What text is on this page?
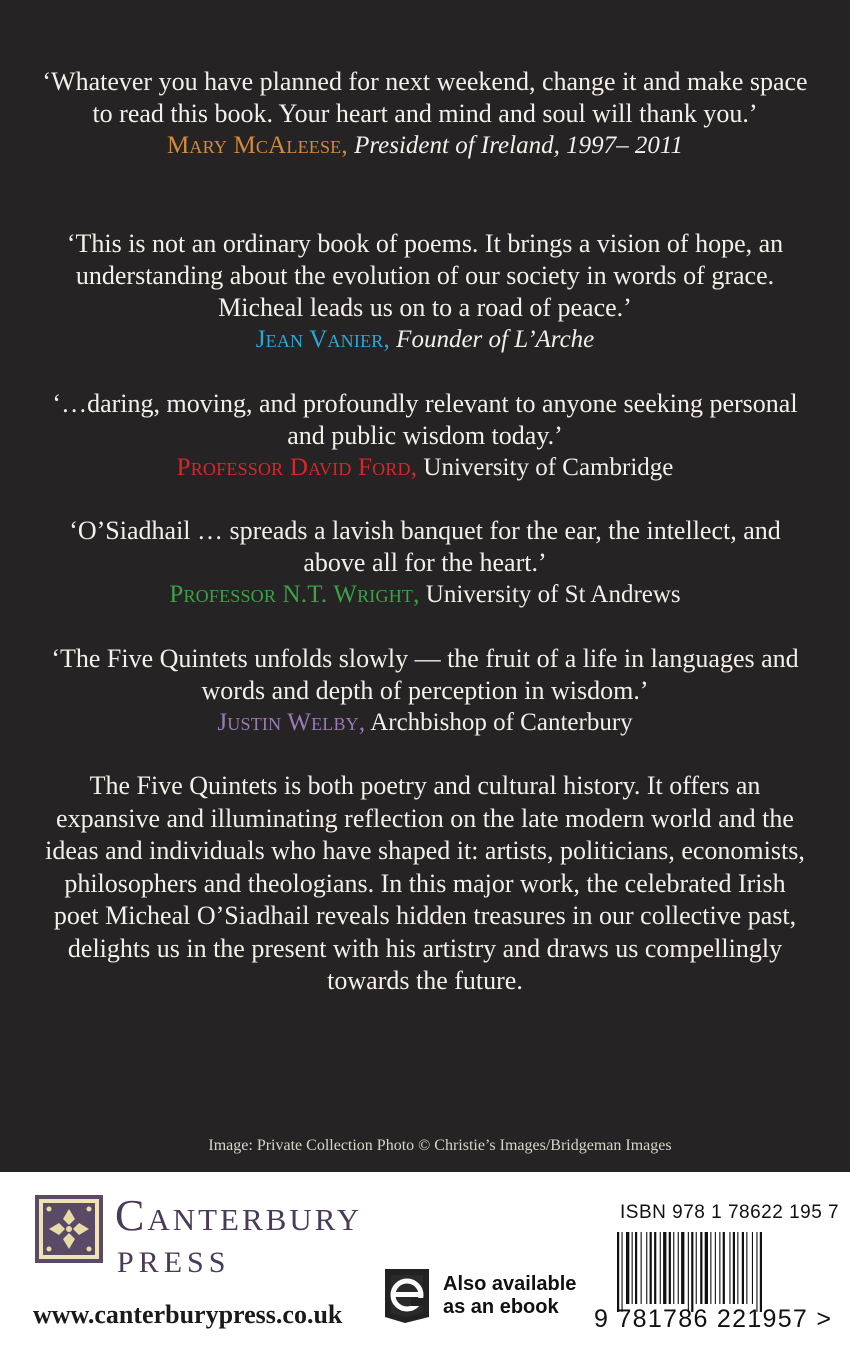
‘Whatever you have planned for next weekend, change it and make space to read this book. Your heart and mind and soul will thank you.’

Mary McAleese, President of Ireland, 1997– 2011

‘This is not an ordinary book of poems. It brings a vision of hope, an understanding about the evolution of our society in words of grace. Micheal leads us on to a road of peace.’

Jean Vanier, Founder of L’Arche

‘…daring, moving, and profoundly relevant to anyone seeking personal and public wisdom today.’

Professor David Ford, University of Cambridge

‘O’Siadhail … spreads a lavish banquet for the ear, the intellect, and above all for the heart.’

Professor N.T. Wright, University of St Andrews

‘The Five Quintets unfolds slowly — the fruit of a life in languages and words and depth of perception in wisdom.’

Justin Welby, Archbishop of Canterbury

The Five Quintets is both poetry and cultural history. It offers an expansive and illuminating reflection on the late modern world and the ideas and individuals who have shaped it: artists, politicians, economists, philosophers and theologians. In this major work, the celebrated Irish poet Micheal O’Siadhail reveals hidden treasures in our collective past, delights us in the present with his artistry and draws us compellingly towards the future.

Image: Private Collection Photo © Christie’s Images/Bridgeman Images
Canterbury
PRESS
www.canterburypress.co.uk
Also available
as an ebook
ISBN 978 1 78622 195 7
9 781786 221957 >
